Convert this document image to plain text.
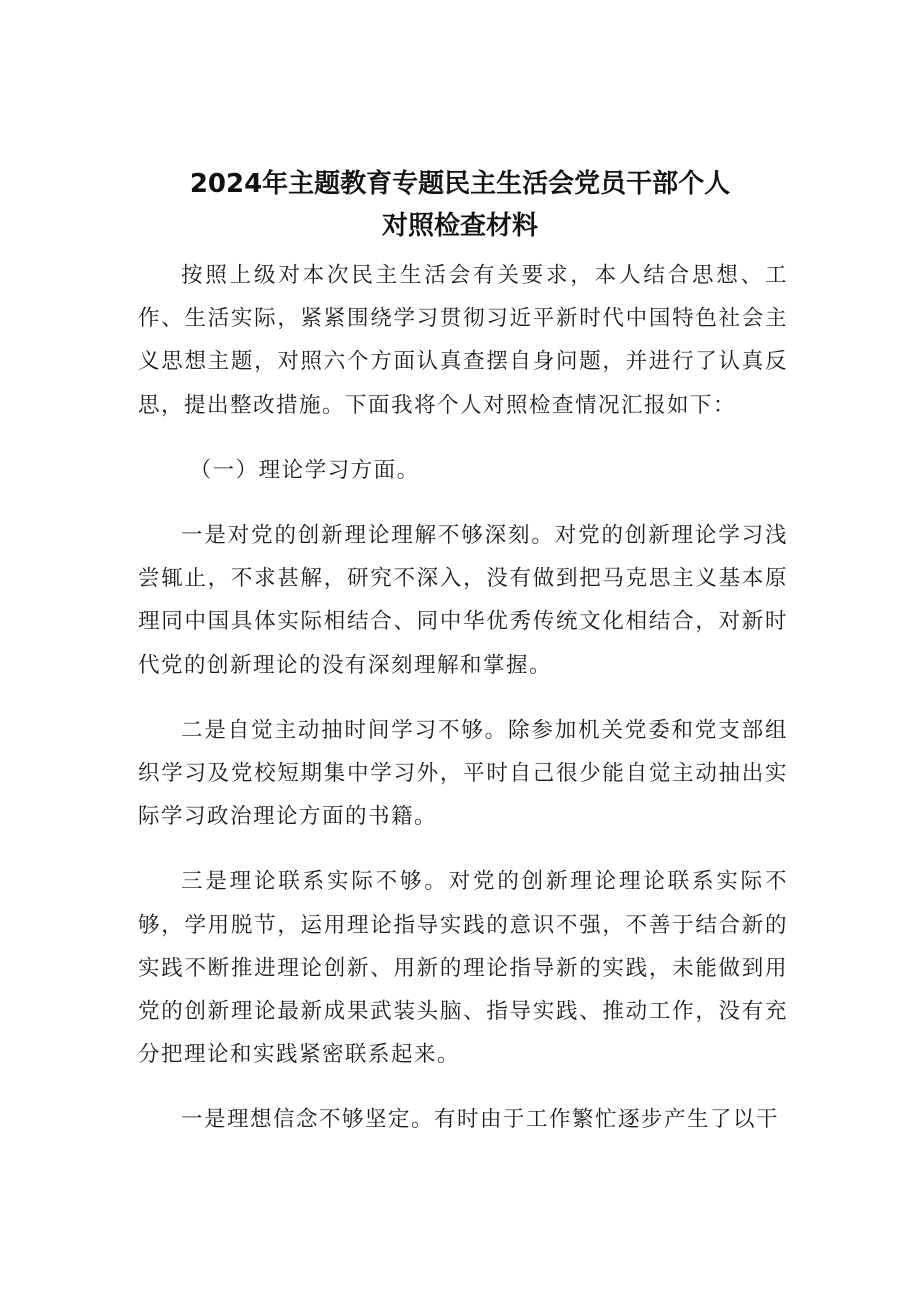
2024年主题教育专题民主生活会党员干部个人
对照检查材料

按照上级对本次民主生活会有关要求，本人结合思想、工作、生活实际，紧紧围绕学习贯彻习近平新时代中国特色社会主义思想主题，对照六个方面认真查摆自身问题，并进行了认真反思，提出整改措施。下面我将个人对照检查情况汇报如下：

（一）理论学习方面。

一是对党的创新理论理解不够深刻。对党的创新理论学习浅尝辄止，不求甚解，研究不深入，没有做到把马克思主义基本原理同中国具体实际相结合、同中华优秀传统文化相结合，对新时代党的创新理论的没有深刻理解和掌握。

二是自觉主动抽时间学习不够。除参加机关党委和党支部组织学习及党校短期集中学习外，平时自己很少能自觉主动抽出实际学习政治理论方面的书籍。

三是理论联系实际不够。对党的创新理论理论联系实际不够，学用脱节，运用理论指导实践的意识不强，不善于结合新的实践不断推进理论创新、用新的理论指导新的实践，未能做到用党的创新理论最新成果武装头脑、指导实践、推动工作，没有充分把理论和实践紧密联系起来。

一是理想信念不够坚定。有时由于工作繁忙逐步产生了以干
